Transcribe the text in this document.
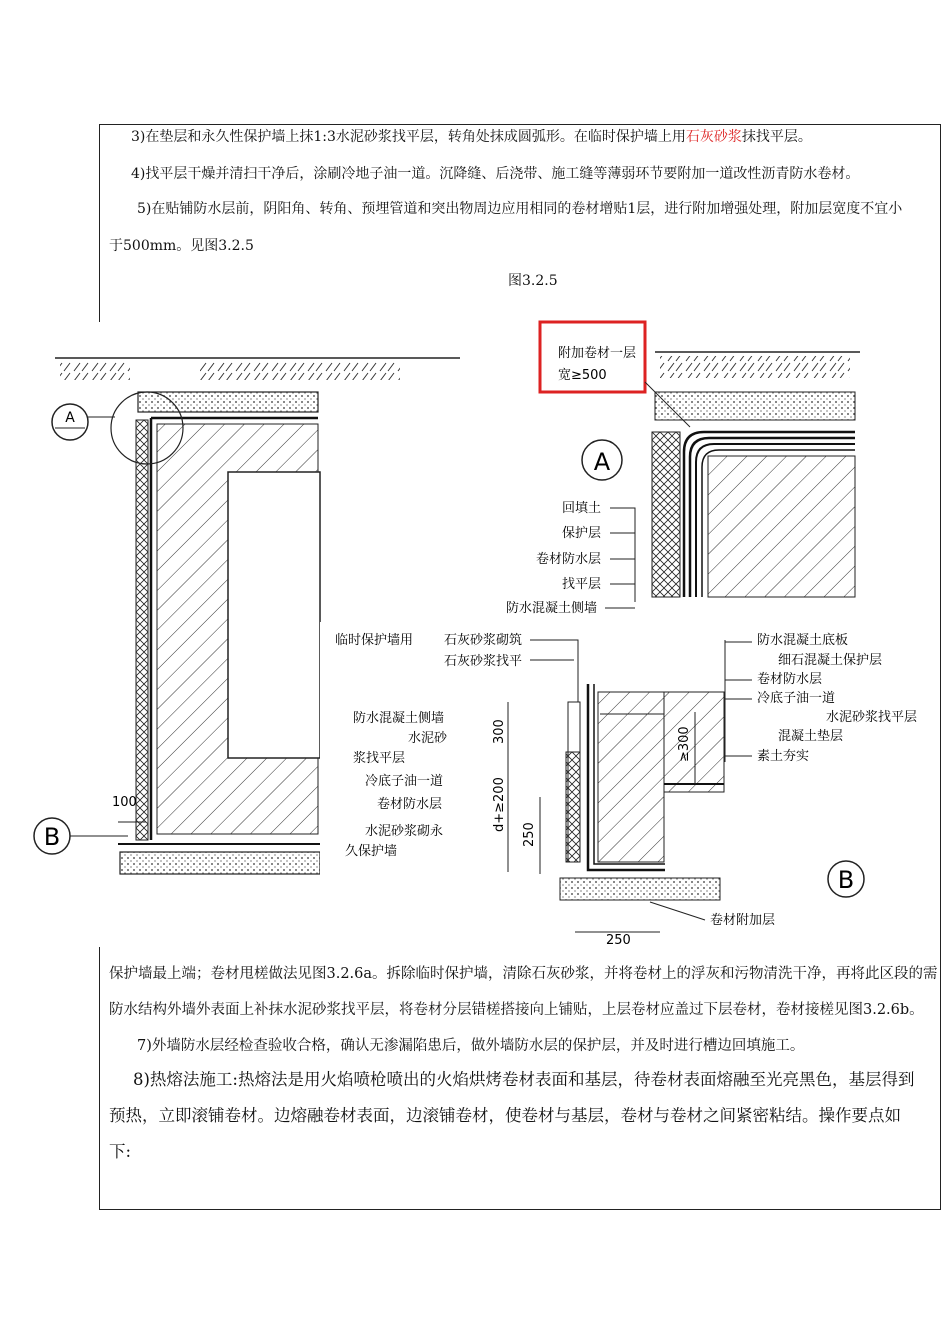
3)在垫层和永久性保护墙上抹1:3水泥砂浆找平层，转角处抹成圆弧形。在临时保护墙上用石灰砂浆抹找平层。
4)找平层干燥并清扫干净后，涂刷冷地子油一道。沉降缝、后浇带、施工缝等薄弱环节要附加一道改性沥青防水卷材。
5)在贴铺防水层前，阴阳角、转角、预埋管道和突出物周边应用相同的卷材增贴1层，进行附加增强处理，附加层宽度不宜小
于500mm。见图3.2.5
图3.2.5
A
B
100
附加卷材一层
宽≥500
A
回填土
保护层
卷材防水层
找平层
防水混凝土侧墙
临时保护墙用 石灰砂浆砌筑
石灰砂浆找平
防水混凝土侧墙
水泥砂
浆找平层
冷底子油一道
卷材防水层
水泥砂浆砌永
久保护墙
防水混凝土底板
细石混凝土保护层
卷材防水层
冷底子油一道
水泥砂浆找平层
混凝土垫层
素土夯实
300
d+≥200
250
≥300
250
卷材附加层
B
保护墙最上端；卷材甩槎做法见图3.2.6a。拆除临时保护墙，清除石灰砂浆，并将卷材上的浮灰和污物清洗干净，再将此区段的需
防水结构外墙外表面上补抹水泥砂浆找平层，将卷材分层错槎搭接向上铺贴，上层卷材应盖过下层卷材，卷材接槎见图3.2.6b。
7)外墙防水层经检查验收合格，确认无渗漏陷患后，做外墙防水层的保护层，并及时进行槽边回填施工。
8)热熔法施工:热熔法是用火焰喷枪喷出的火焰烘烤卷材表面和基层，待卷材表面熔融至光亮黑色，基层得到
预热，立即滚铺卷材。边熔融卷材表面，边滚铺卷材，使卷材与基层，卷材与卷材之间紧密粘结。操作要点如
下:
